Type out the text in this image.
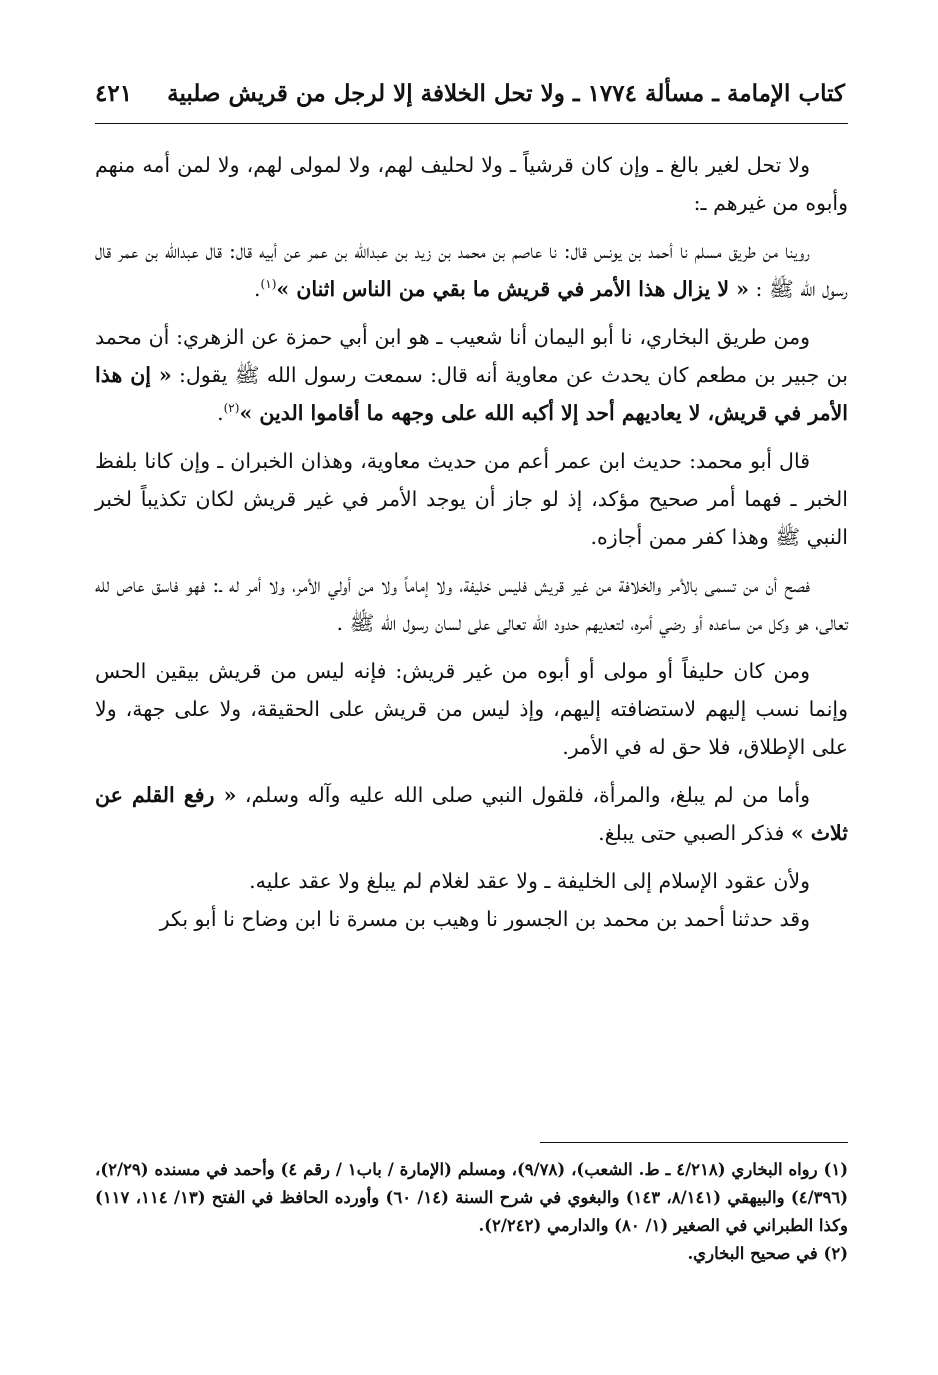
كتاب الإمامة ـ مسألة ١٧٧٤ ـ ولا تحل الخلافة إلا لرجل من قريش صلبية
٤٢١

ولا تحل لغير بالغ ـ وإن كان قرشياً ـ ولا لحليف لهم، ولا لمولى لهم، ولا لمن أمه منهم وأبوه من غيرهم ـ:

روينا من طريق مسلم نا أحمد بن يونس قال: نا عاصم بن محمد بن زيد بن عبدالله بن عمر عن أبيه قال: قال عبدالله بن عمر قال رسول الله ﷺ : « لا يزال هذا الأمر في قريش ما بقي من الناس اثنان »$^{(١)}$.

ومن طريق البخاري، نا أبو اليمان أنا شعيب ـ هو ابن أبي حمزة عن الزهري: أن محمد بن جبير بن مطعم كان يحدث عن معاوية أنه قال: سمعت رسول الله ﷺ يقول: « إن هذا الأمر في قريش، لا يعاديهم أحد إلا أكبه الله على وجهه ما أقاموا الدين »$^{(٢)}$.

قال أبو محمد: حديث ابن عمر أعم من حديث معاوية، وهذان الخبران ـ وإن كانا بلفظ الخبر ـ فهما أمر صحيح مؤكد، إذ لو جاز أن يوجد الأمر في غير قريش لكان تكذيباً لخبر النبي ﷺ وهذا كفر ممن أجازه.

فصح أن من تسمى بالأمر والخلافة من غير قريش فليس خليفة، ولا إماماً ولا من أولي الأمر، ولا أمر له ـ: فهو فاسق عاص لله تعالى، هو وكل من ساعده أو رضي أمره، لتعديهم حدود الله تعالى على لسان رسول الله ﷺ .

ومن كان حليفاً أو مولى أو أبوه من غير قريش: فإنه ليس من قريش بيقين الحس وإنما نسب إليهم لاستضافته إليهم، وإذ ليس من قريش على الحقيقة، ولا على جهة، ولا على الإطلاق، فلا حق له في الأمر.

وأما من لم يبلغ، والمرأة، فلقول النبي صلى الله عليه وآله وسلم، « رفع القلم عن ثلاث » فذكر الصبي حتى يبلغ.

ولأن عقود الإسلام إلى الخليفة ـ ولا عقد لغلام لم يبلغ ولا عقد عليه.

وقد حدثنا أحمد بن محمد بن الجسور نا وهيب بن مسرة نا ابن وضاح نا أبو بكر

(١) رواه البخاري (٤/٢١٨ ـ ط. الشعب)، (٩/٧٨)، ومسلم (الإمارة / باب١ / رقم ٤) وأحمد في مسنده (٢/٢٩)، (٤/٣٩٦) والبيهقي (٨/١٤١، ١٤٣) والبغوي في شرح السنة (١٤/ ٦٠) وأورده الحافظ في الفتح (١٣/ ١١٤، ١١٧) وكذا الطبراني في الصغير (١/ ٨٠) والدارمي (٢/٢٤٢).

(٢) في صحيح البخاري.
